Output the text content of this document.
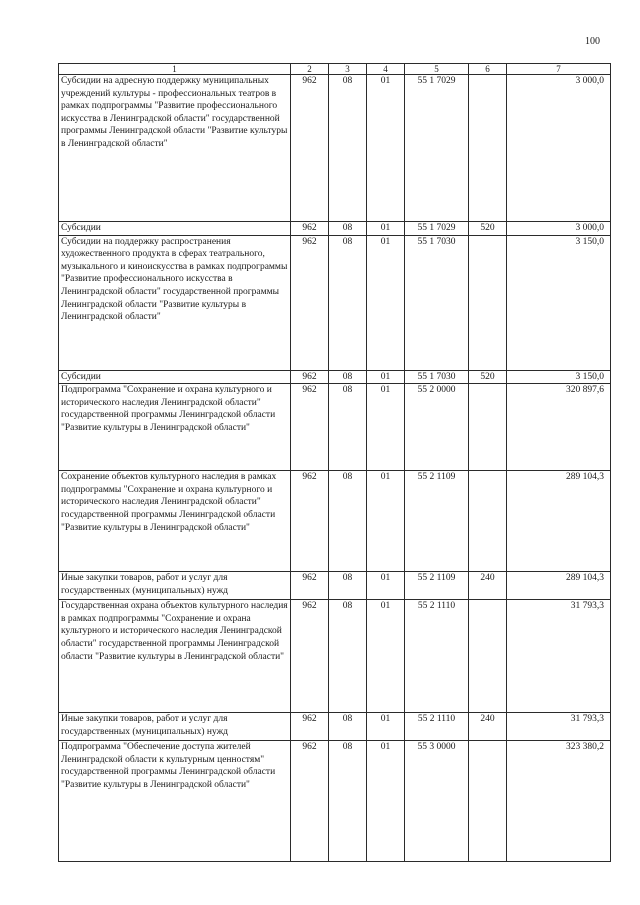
100
1	2	3	4	5	6	7
Субсидии на адресную поддержку муниципальных учреждений культуры - профессиональных театров в рамках подпрограммы "Развитие профессионального искусства в Ленинградской области" государственной программы Ленинградской области "Развитие культуры в Ленинградской области"	962	08	01	55 1 7029		3 000,0
Субсидии	962	08	01	55 1 7029	520	3 000,0
Субсидии на поддержку распространения художественного продукта в сферах театрального, музыкального и киноискусства в рамках подпрограммы "Развитие профессионального искусства в Ленинградской области" государственной программы Ленинградской области "Развитие культуры в Ленинградской области"	962	08	01	55 1 7030		3 150,0
Субсидии	962	08	01	55 1 7030	520	3 150,0
Подпрограмма "Сохранение и охрана культурного и исторического наследия Ленинградской области" государственной программы Ленинградской области "Развитие культуры в Ленинградской области"	962	08	01	55 2 0000		320 897,6
Сохранение объектов культурного наследия в рамках подпрограммы "Сохранение и охрана культурного и исторического наследия Ленинградской области" государственной программы Ленинградской области "Развитие культуры в Ленинградской области"	962	08	01	55 2 1109		289 104,3
Иные закупки товаров, работ и услуг для государственных (муниципальных) нужд	962	08	01	55 2 1109	240	289 104,3
Государственная охрана объектов культурного наследия в рамках подпрограммы "Сохранение и охрана культурного и исторического наследия Ленинградской области" государственной программы Ленинградской области "Развитие культуры в Ленинградской области"	962	08	01	55 2 1110		31 793,3
Иные закупки товаров, работ и услуг для государственных (муниципальных) нужд	962	08	01	55 2 1110	240	31 793,3
Подпрограмма "Обеспечение доступа жителей Ленинградской области к культурным ценностям" государственной программы Ленинградской области "Развитие культуры в Ленинградской области"	962	08	01	55 3 0000		323 380,2
